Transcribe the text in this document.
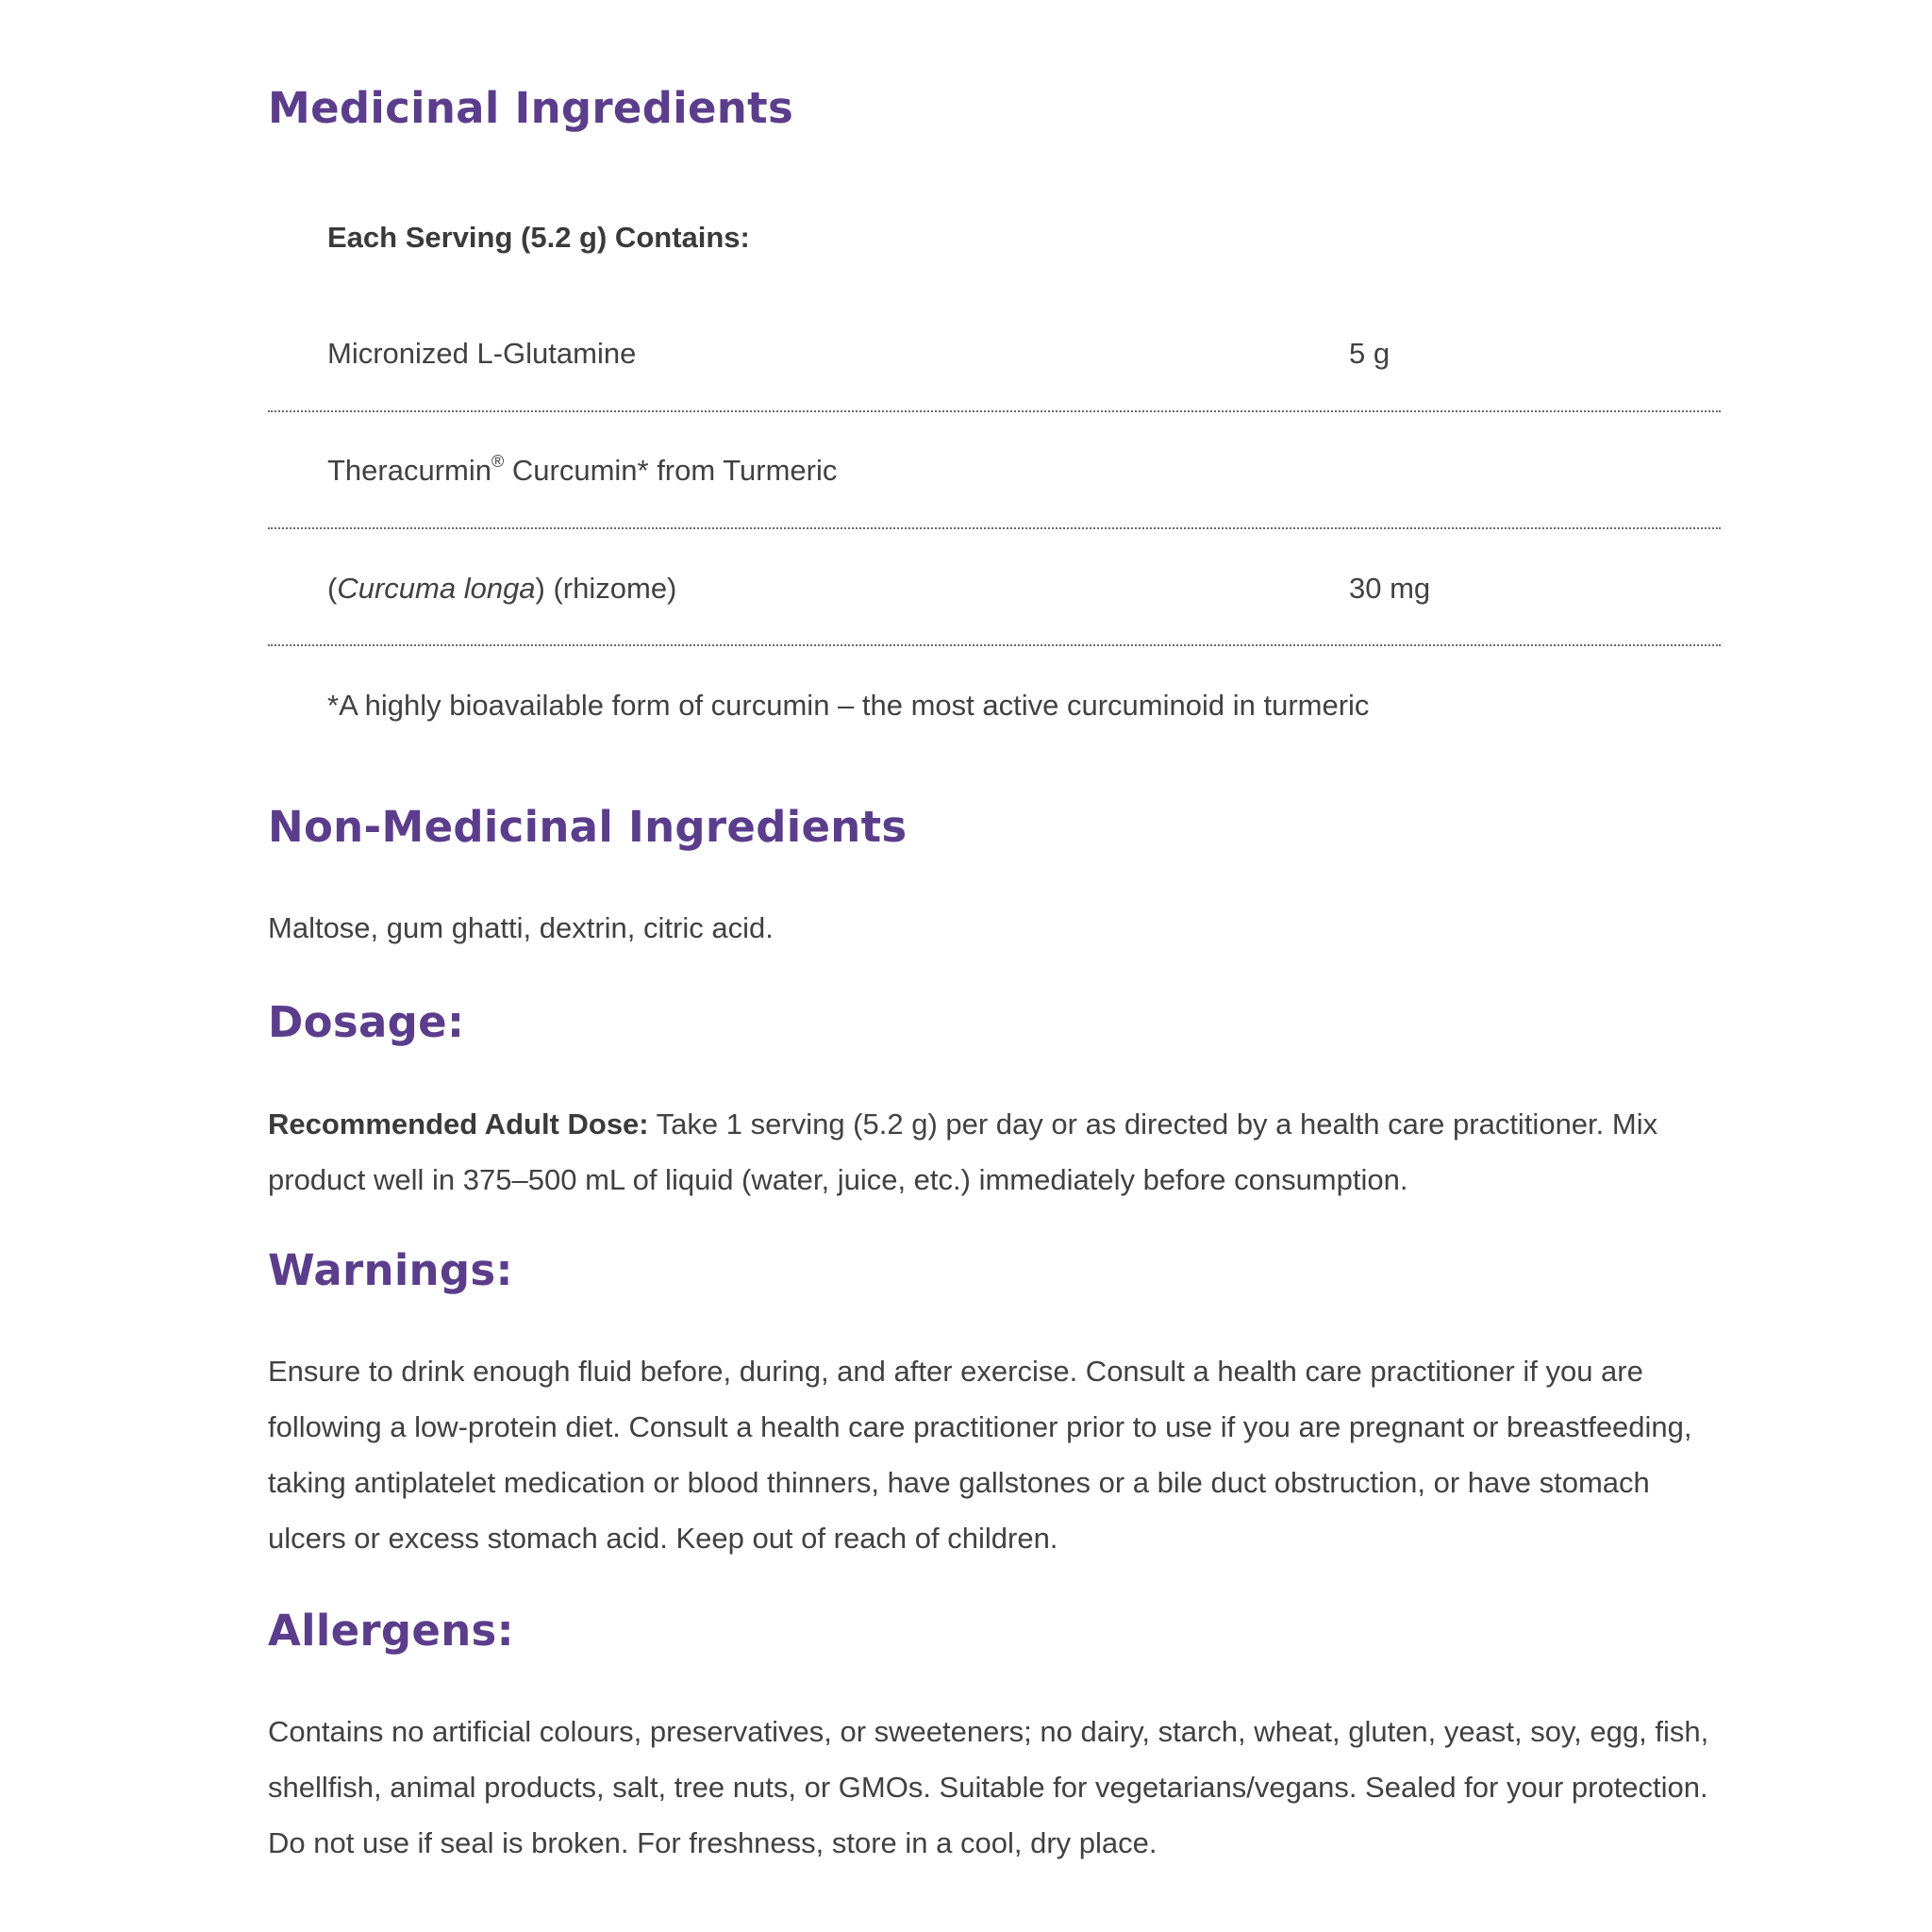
Medicinal Ingredients
Each Serving (5.2 g) Contains:
Micronized L-Glutamine	5 g
Theracurmin® Curcumin* from Turmeric
(Curcuma longa) (rhizome)	30 mg
*A highly bioavailable form of curcumin – the most active curcuminoid in turmeric
Non-Medicinal Ingredients
Maltose, gum ghatti, dextrin, citric acid.
Dosage:
Recommended Adult Dose: Take 1 serving (5.2 g) per day or as directed by a health care practitioner. Mix product well in 375–500 mL of liquid (water, juice, etc.) immediately before consumption.
Warnings:
Ensure to drink enough fluid before, during, and after exercise. Consult a health care practitioner if you are following a low-protein diet. Consult a health care practitioner prior to use if you are pregnant or breastfeeding, taking antiplatelet medication or blood thinners, have gallstones or a bile duct obstruction, or have stomach ulcers or excess stomach acid. Keep out of reach of children.
Allergens:
Contains no artificial colours, preservatives, or sweeteners; no dairy, starch, wheat, gluten, yeast, soy, egg, fish, shellfish, animal products, salt, tree nuts, or GMOs. Suitable for vegetarians/vegans. Sealed for your protection. Do not use if seal is broken. For freshness, store in a cool, dry place.
